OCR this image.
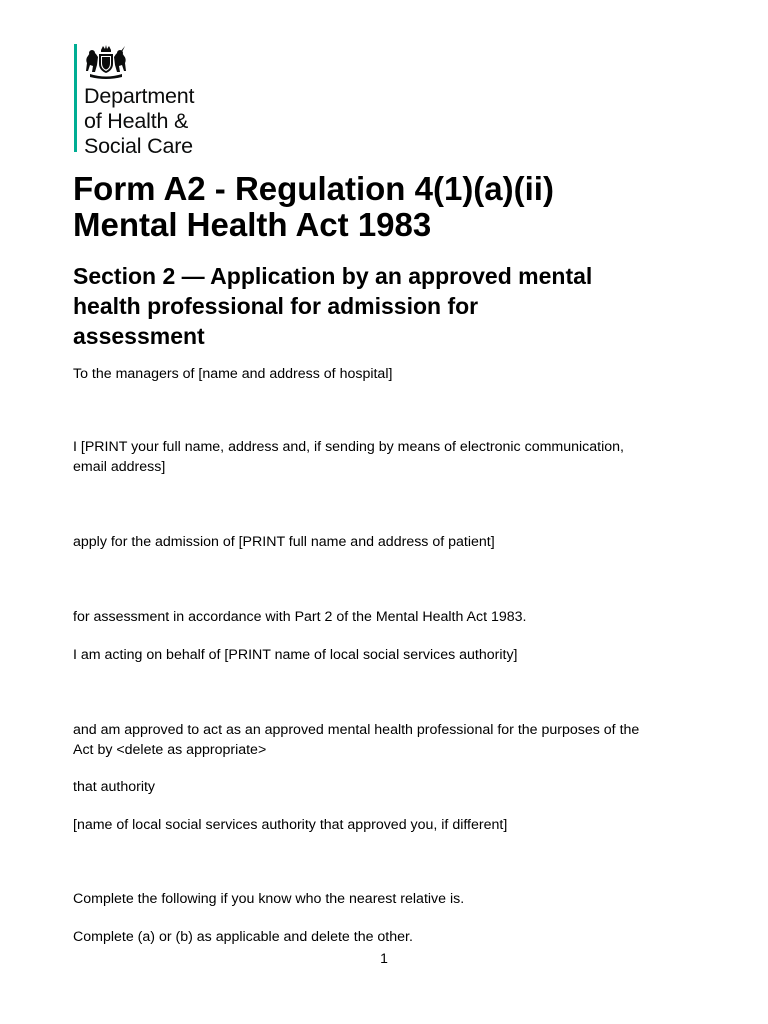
Department
of Health &
Social Care
Form A2 - Regulation 4(1)(a)(ii)
Mental Health Act 1983
Section 2 — Application by an approved mental
health professional for admission for
assessment
To the managers of [name and address of hospital]
I [PRINT your full name, address and, if sending by means of electronic communication,
email address]
apply for the admission of [PRINT full name and address of patient]
for assessment in accordance with Part 2 of the Mental Health Act 1983.
I am acting on behalf of [PRINT name of local social services authority]
and am approved to act as an approved mental health professional for the purposes of the
Act by <delete as appropriate>
that authority
[name of local social services authority that approved you, if different]
Complete the following if you know who the nearest relative is.
Complete (a) or (b) as applicable and delete the other.
1
